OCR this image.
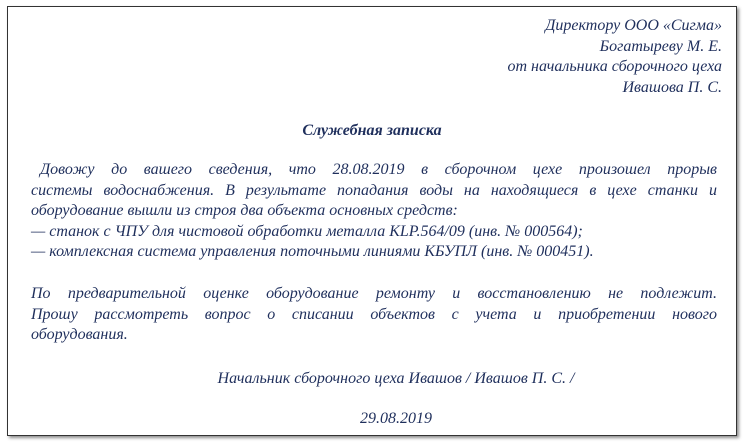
Директору ООО «Сигма»
Богатыреву М. Е.
от начальника сборочного цеха
Ивашова П. С.
Служебная записка
Довожу до вашего сведения, что 28.08.2019 в сборочном цехе произошел прорыв
системы водоснабжения. В результате попадания воды на находящиеся в цехе станки и
оборудование вышли из строя два объекта основных средств:
— станок с ЧПУ для чистовой обработки металла KLP.564/09 (инв. № 000564);
— комплексная система управления поточными линиями КБУПЛ (инв. № 000451).
По предварительной оценке оборудование ремонту и восстановлению не подлежит.
Прошу рассмотреть вопрос о списании объектов с учета и приобретении нового
оборудования.
Начальник сборочного цеха Ивашов / Ивашов П. С. /
29.08.2019
